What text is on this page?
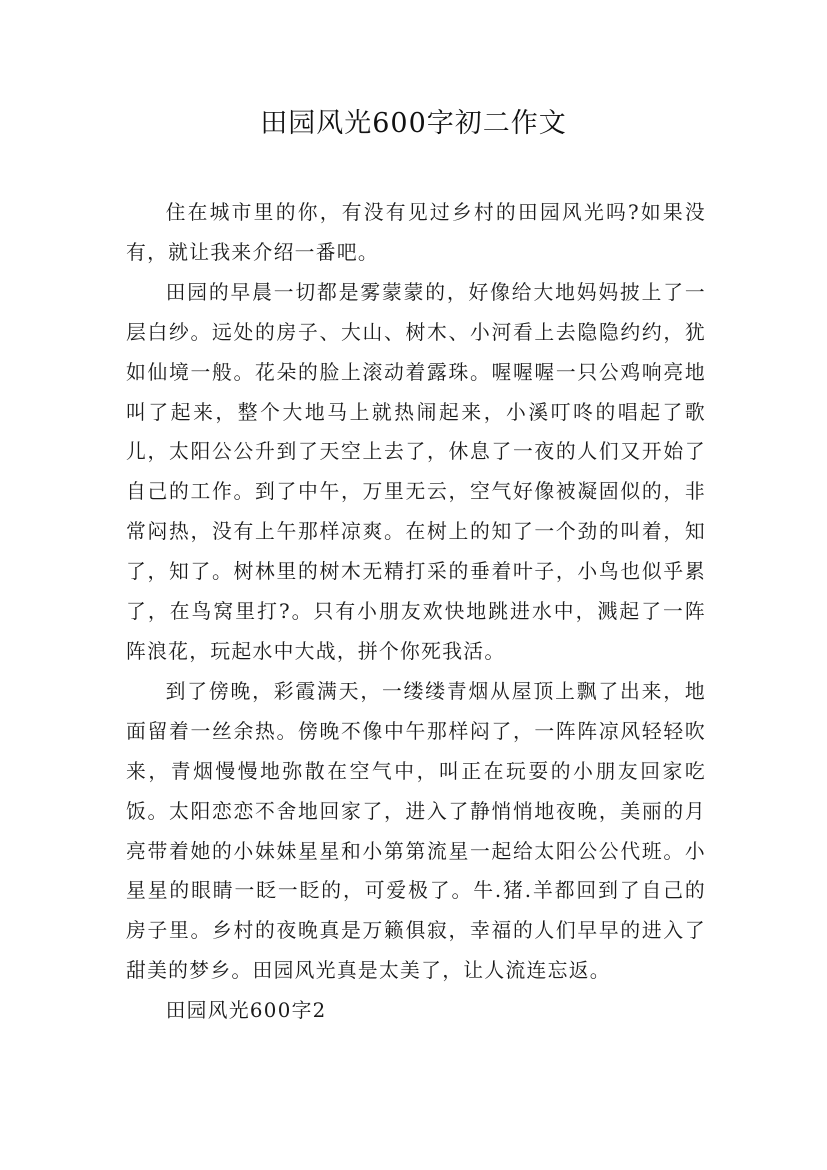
田园风光600字初二作文

住在城市里的你，有没有见过乡村的田园风光吗?如果没有，就让我来介绍一番吧。

田园的早晨一切都是雾蒙蒙的，好像给大地妈妈披上了一层白纱。远处的房子、大山、树木、小河看上去隐隐约约，犹如仙境一般。花朵的脸上滚动着露珠。喔喔喔一只公鸡响亮地叫了起来，整个大地马上就热闹起来，小溪叮咚的唱起了歌儿，太阳公公升到了天空上去了，休息了一夜的人们又开始了自己的工作。到了中午，万里无云，空气好像被凝固似的，非常闷热，没有上午那样凉爽。在树上的知了一个劲的叫着，知了，知了。树林里的树木无精打采的垂着叶子，小鸟也似乎累了，在鸟窝里打?。只有小朋友欢快地跳进水中，溅起了一阵阵浪花，玩起水中大战，拼个你死我活。

到了傍晚，彩霞满天，一缕缕青烟从屋顶上飘了出来，地面留着一丝余热。傍晚不像中午那样闷了，一阵阵凉风轻轻吹来，青烟慢慢地弥散在空气中，叫正在玩耍的小朋友回家吃饭。太阳恋恋不舍地回家了，进入了静悄悄地夜晚，美丽的月亮带着她的小妹妹星星和小第第流星一起给太阳公公代班。小星星的眼睛一眨一眨的，可爱极了。牛.猪.羊都回到了自己的房子里。乡村的夜晚真是万籁俱寂，幸福的人们早早的进入了甜美的梦乡。田园风光真是太美了，让人流连忘返。

田园风光600字2
